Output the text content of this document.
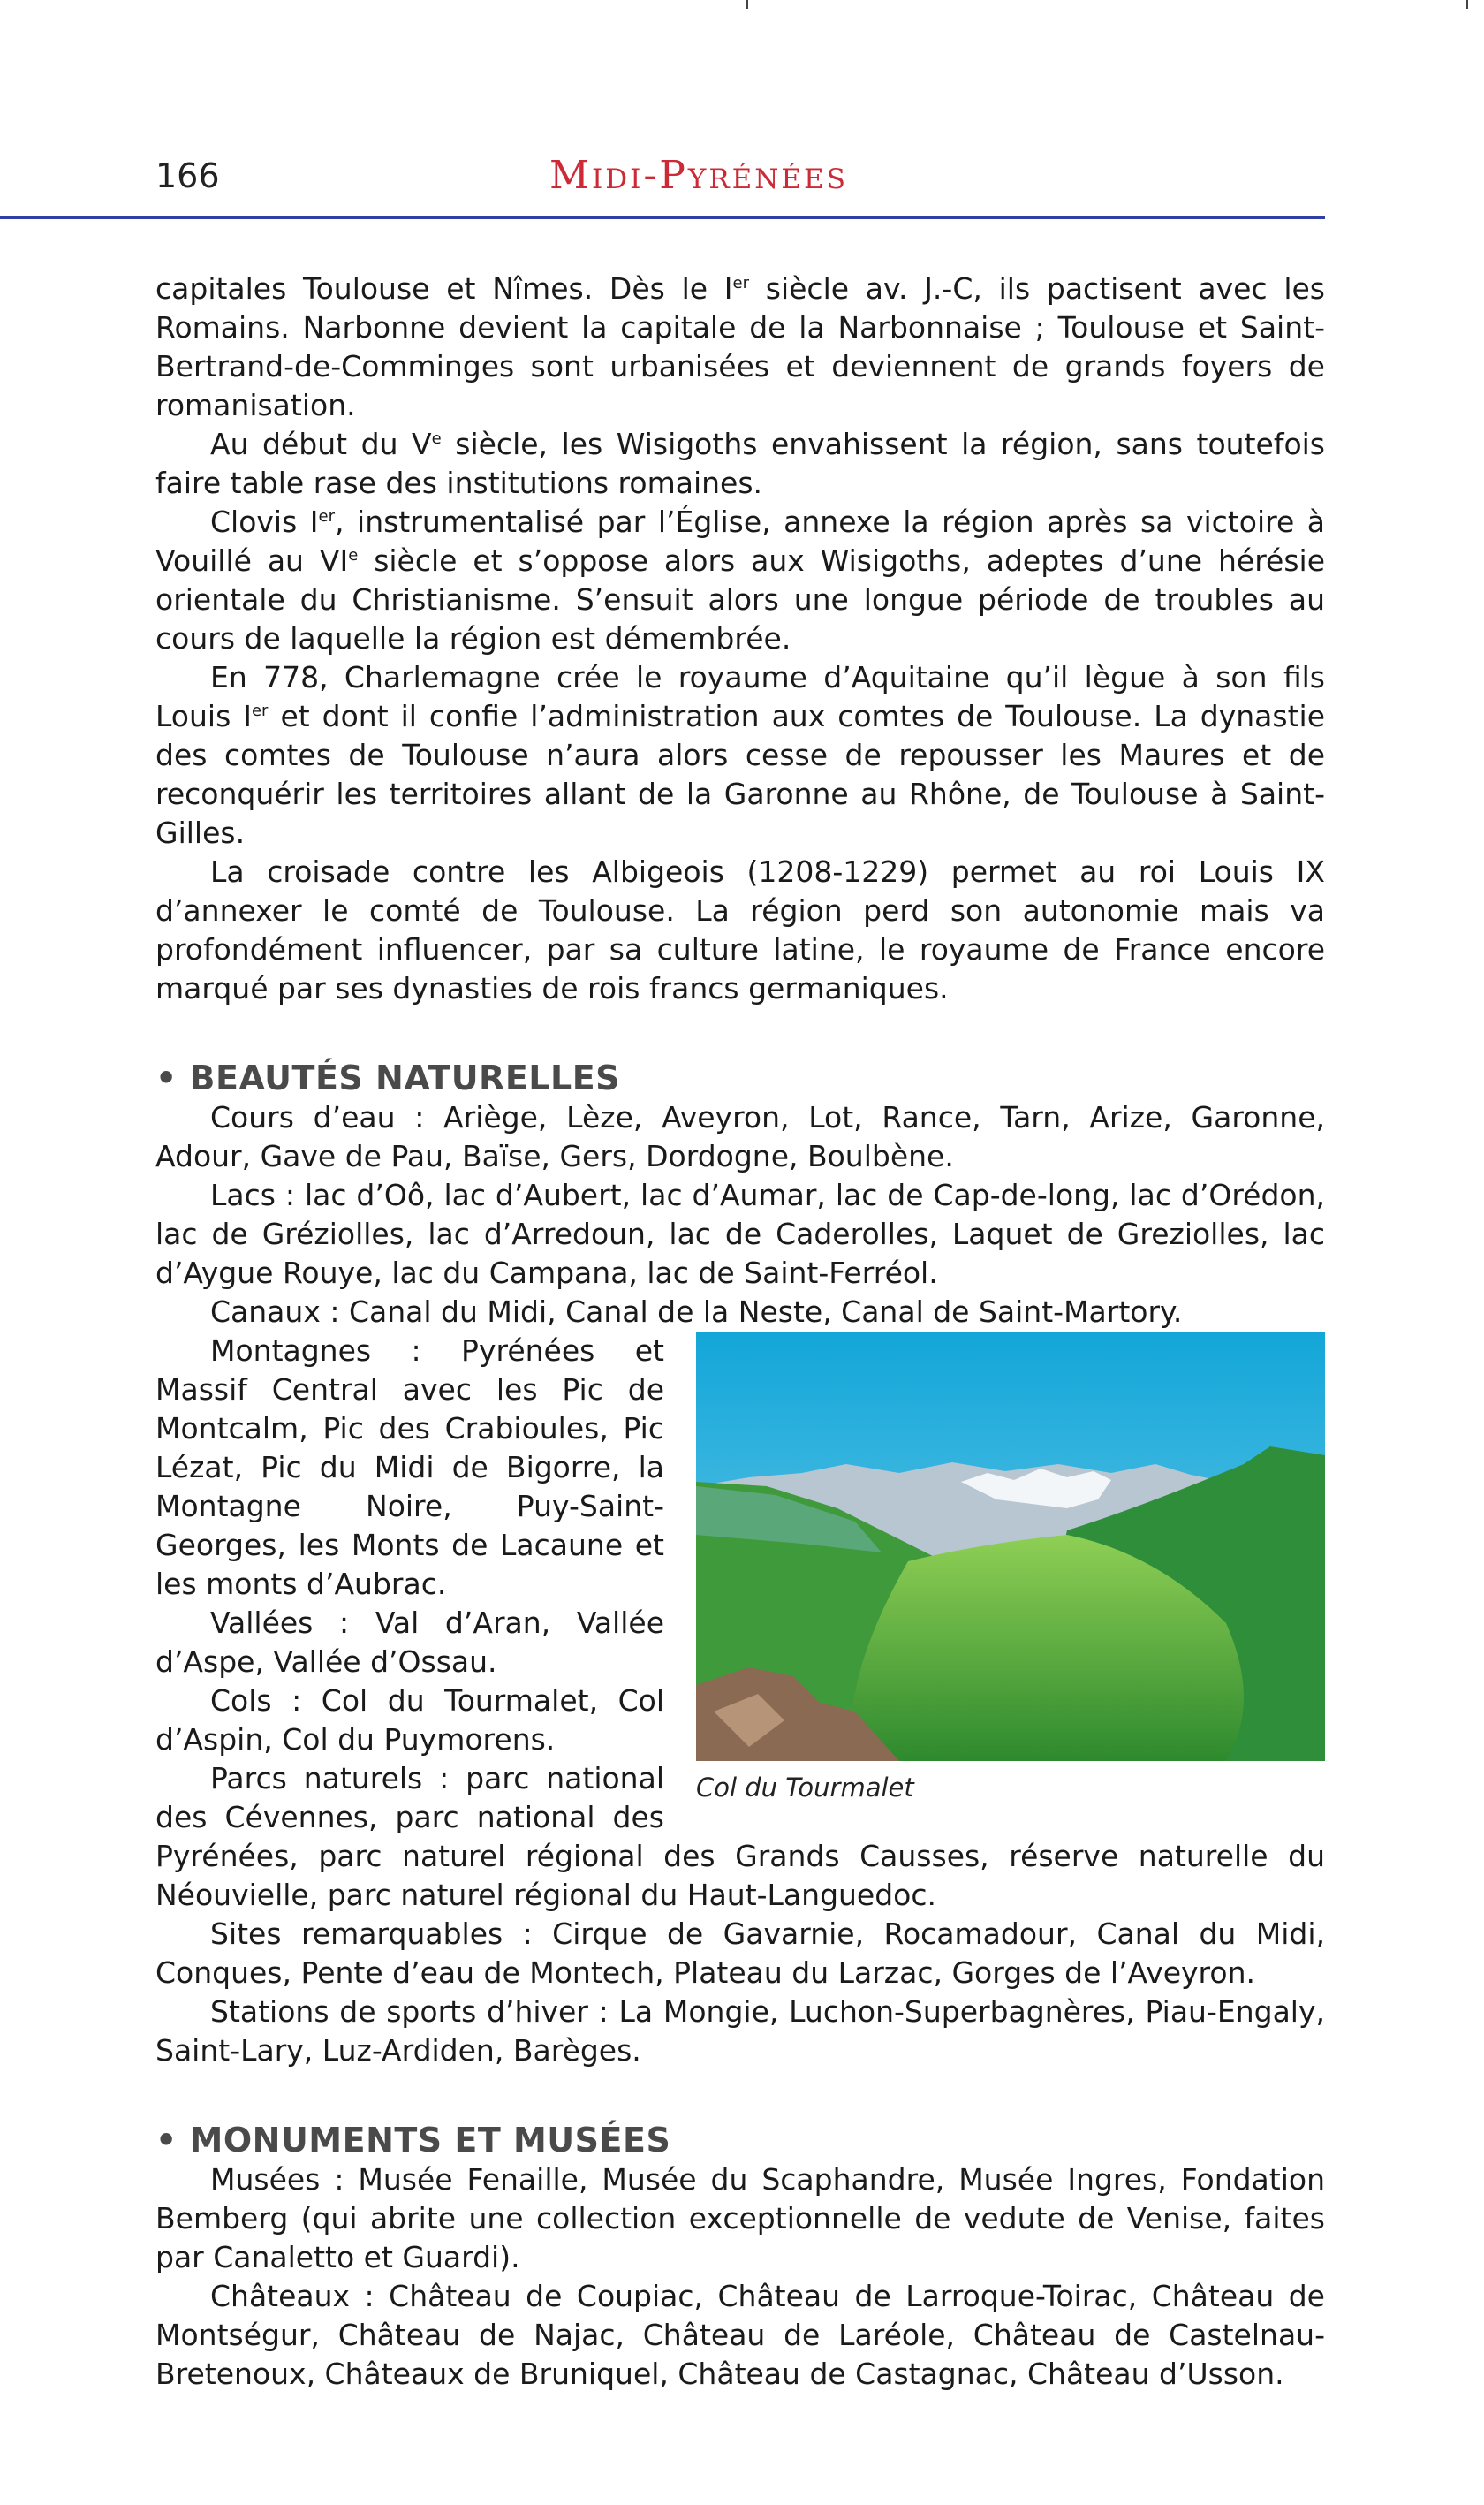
166	Midi-Pyrénées

capitales Toulouse et Nîmes. Dès le Ier siècle av. J.-C, ils pactisent avec les Romains. Narbonne devient la capitale de la Narbonnaise ; Toulouse et Saint-Bertrand-de-Comminges sont urbanisées et deviennent de grands foyers de romanisation.

Au début du Ve siècle, les Wisigoths envahissent la région, sans toutefois faire table rase des institutions romaines.

Clovis Ier, instrumentalisé par l’Église, annexe la région après sa victoire à Vouillé au VIe siècle et s’oppose alors aux Wisigoths, adeptes d’une hérésie orientale du Christianisme. S’ensuit alors une longue période de troubles au cours de laquelle la région est démembrée.

En 778, Charlemagne crée le royaume d’Aquitaine qu’il lègue à son fils Louis Ier et dont il confie l’administration aux comtes de Toulouse. La dynastie des comtes de Toulouse n’aura alors cesse de repousser les Maures et de reconquérir les territoires allant de la Garonne au Rhône, de Toulouse à Saint-Gilles.

La croisade contre les Albigeois (1208-1229) permet au roi Louis IX d’annexer le comté de Toulouse. La région perd son autonomie mais va profondément influencer, par sa culture latine, le royaume de France encore marqué par ses dynasties de rois francs germaniques.

• BEAUTÉS NATURELLES

Cours d’eau : Ariège, Lèze, Aveyron, Lot, Rance, Tarn, Arize, Garonne, Adour, Gave de Pau, Baïse, Gers, Dordogne, Boulbène.

Lacs : lac d’Oô, lac d’Aubert, lac d’Aumar, lac de Cap-de-long, lac d’Orédon, lac de Gréziolles, lac d’Arredoun, lac de Caderolles, Laquet de Greziolles, lac d’Aygue Rouye, lac du Campana, lac de Saint-Ferréol.

Canaux : Canal du Midi, Canal de la Neste, Canal de Saint-Martory.

Col du Tourmalet

Montagnes : Pyrénées et Massif Central avec les Pic de Montcalm, Pic des Crabioules, Pic Lézat, Pic du Midi de Bigorre, la Montagne Noire, Puy-Saint-Georges, les Monts de Lacaune et les monts d’Aubrac.

Vallées : Val d’Aran, Vallée d’Aspe, Vallée d’Ossau.

Cols : Col du Tourmalet, Col d’Aspin, Col du Puymorens.

Parcs naturels : parc national des Cévennes, parc national des Pyrénées, parc naturel régional des Grands Causses, réserve naturelle du Néouvielle, parc naturel régional du Haut-Languedoc.

Sites remarquables : Cirque de Gavarnie, Rocamadour, Canal du Midi, Conques, Pente d’eau de Montech, Plateau du Larzac, Gorges de l’Aveyron.

Stations de sports d’hiver : La Mongie, Luchon-Superbagnères, Piau-Engaly, Saint-Lary, Luz-Ardiden, Barèges.

• MONUMENTS ET MUSÉES

Musées : Musée Fenaille, Musée du Scaphandre, Musée Ingres, Fondation Bemberg (qui abrite une collection exceptionnelle de vedute de Venise, faites par Canaletto et Guardi).

Châteaux : Château de Coupiac, Château de Larroque-Toirac, Château de Montségur, Château de Najac, Château de Laréole, Château de Castelnau-Bretenoux, Châteaux de Bruniquel, Château de Castagnac, Château d’Usson.
